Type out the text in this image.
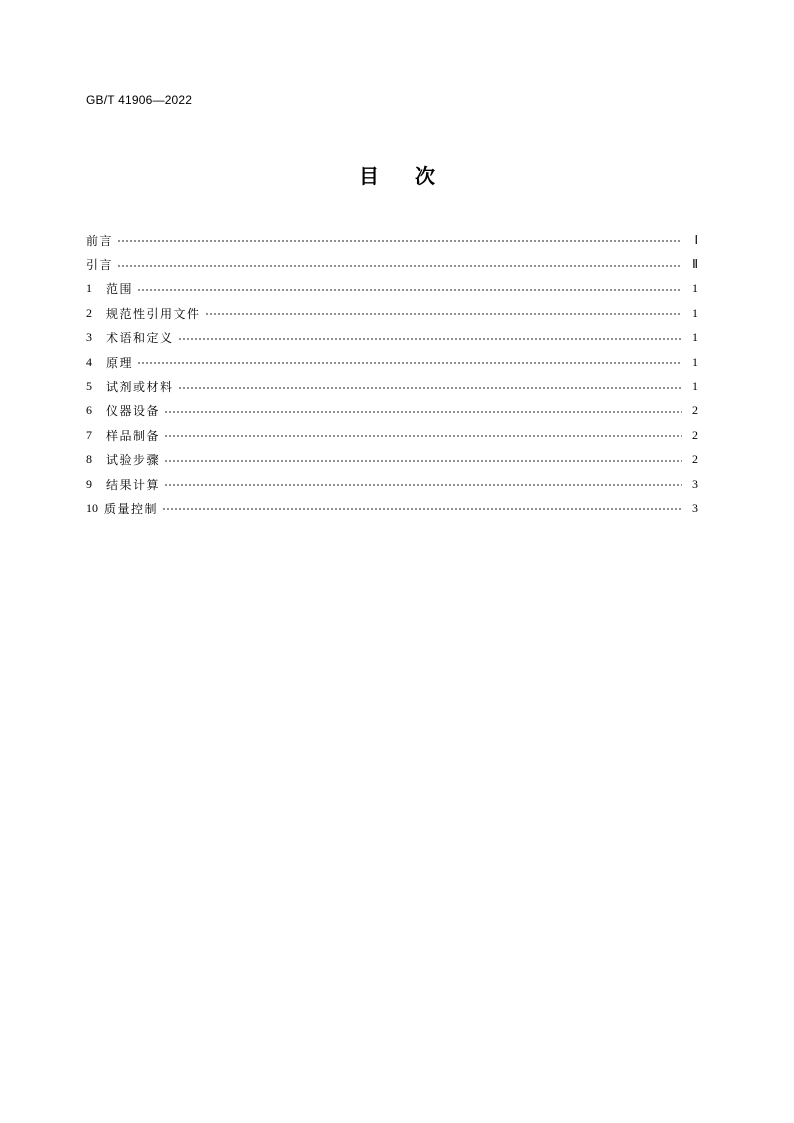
GB/T 41906—2022
目 次
前言	Ⅰ
引言	Ⅱ
1	范围	1
2	规范性引用文件	1
3	术语和定义	1
4	原理	1
5	试剂或材料	1
6	仪器设备	2
7	样品制备	2
8	试验步骤	2
9	结果计算	3
10 质量控制	3
